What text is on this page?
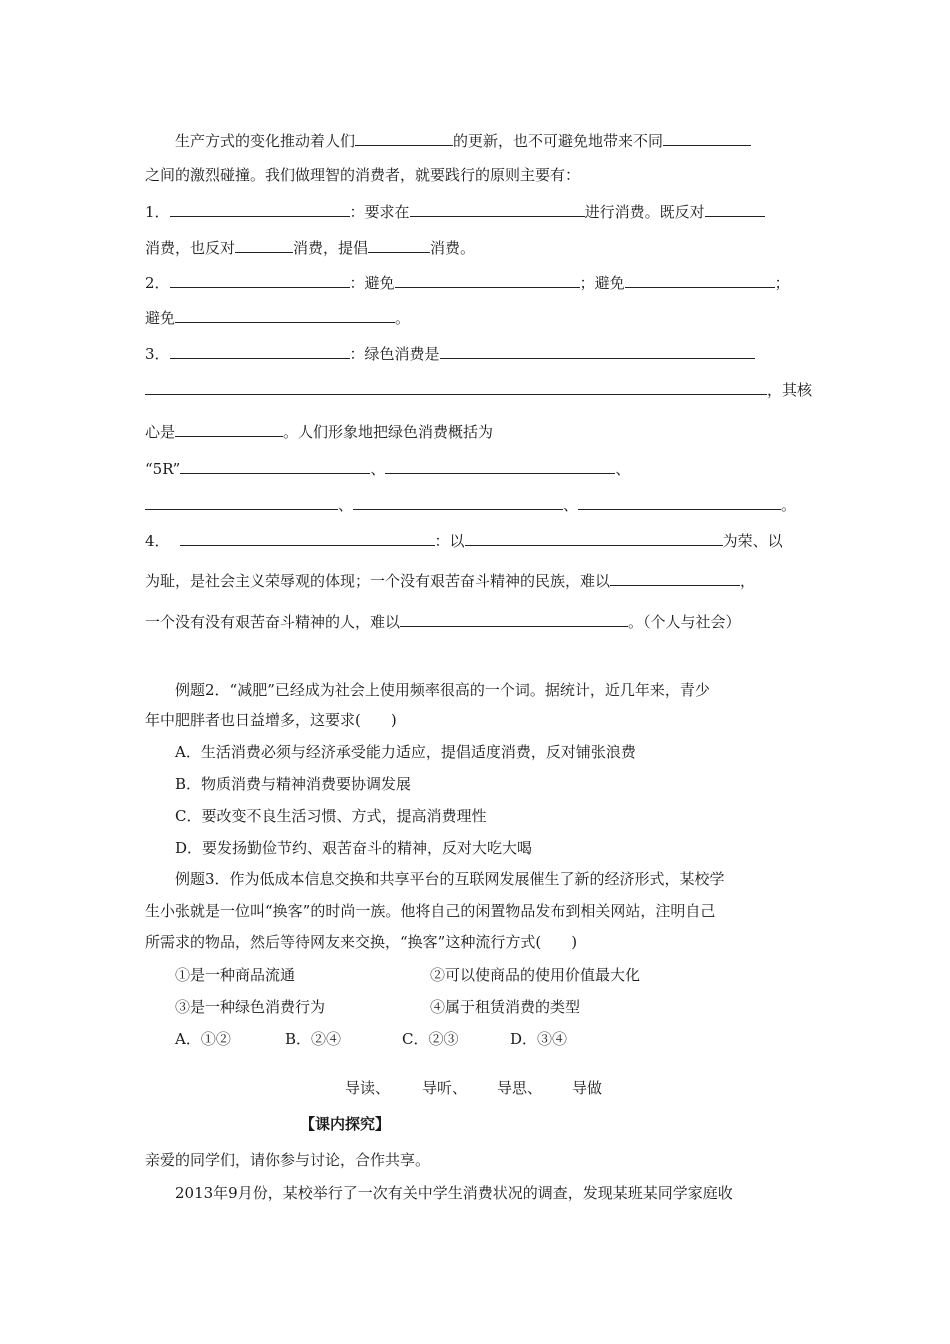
生产方式的变化推动着人们	的更新，也不可避免地带来不同
之间的激烈碰撞。我们做理智的消费者，就要践行的原则主要有：
1．	：要求在	进行消费。既反对
消费，也反对	消费，提倡	消费。
2．	：避免	；避免	；
避免	。
3．	：绿色消费是
，其核
心是	。人们形象地把绿色消费概括为
“5R”	、	、
、	、	。
4．	：以	为荣、以
为耻，是社会主义荣辱观的体现；一个没有艰苦奋斗精神的民族，难以	，
一个没有没有艰苦奋斗精神的人，难以	。（个人与社会）
例题2．“减肥”已经成为社会上使用频率很高的一个词。据统计，近几年来，青少
年中肥胖者也日益增多，这要求(　　)
A．生活消费必须与经济承受能力适应，提倡适度消费，反对铺张浪费
B．物质消费与精神消费要协调发展
C．要改变不良生活习惯、方式，提高消费理性
D．要发扬勤俭节约、艰苦奋斗的精神，反对大吃大喝
例题3．作为低成本信息交换和共享平台的互联网发展催生了新的经济形式，某校学
生小张就是一位叫“换客”的时尚一族。他将自己的闲置物品发布到相关网站，注明自己
所需求的物品，然后等待网友来交换，“换客”这种流行方式(　　)
①是一种商品流通	②可以使商品的使用价值最大化
③是一种绿色消费行为	④属于租赁消费的类型
A．①②	B．②④	C．②③	D．③④
导读、 导听、 导思、 导做
【课内探究】
亲爱的同学们，请你参与讨论，合作共享。
2013年9月份，某校举行了一次有关中学生消费状况的调查，发现某班某同学家庭收
